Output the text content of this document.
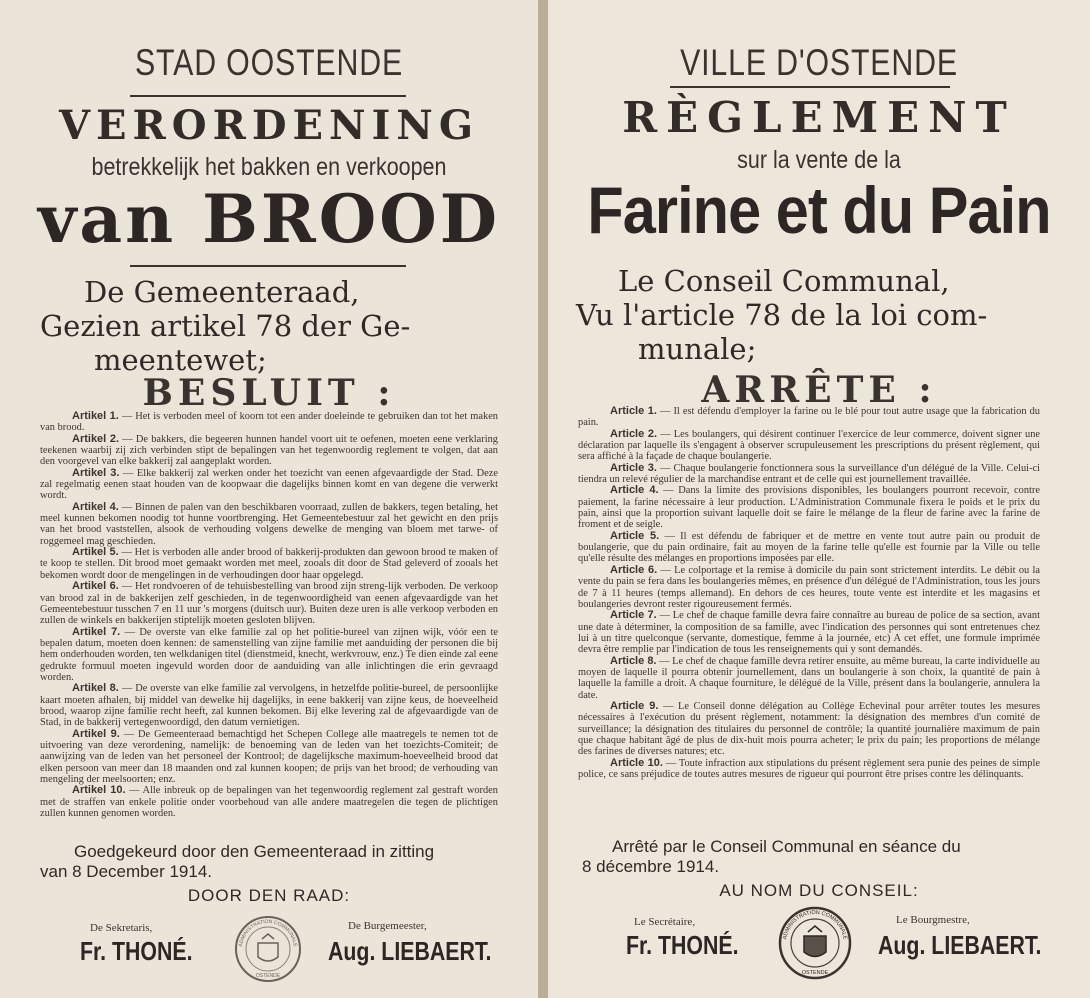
STAD OOSTENDE
VERORDENING
betrekkelijk het bakken en verkoopen
van BROOD
De Gemeenteraad,
Gezien artikel 78 der Ge-
meentewet;
BESLUIT :

Artikel 1. — Het is verboden meel of koorn tot een ander doeleinde te gebruiken dan tot het maken van brood.

Artikel 2. — De bakkers, die begeeren hunnen handel voort uit te oefenen, moeten eene verklaring teekenen waarbij zij zich verbinden stipt de bepalingen van het tegenwoordig reglement te volgen, dat aan den voorgevel van elke bakkerij zal aangeplakt worden.

Artikel 3. — Elke bakkerij zal werken onder het toezicht van eenen afgevaardigde der Stad. Deze zal regelmatig eenen staat houden van de koopwaar die dagelijks binnen komt en van degene die verwerkt wordt.

Artikel 4. — Binnen de palen van den beschikbaren voorraad, zullen de bakkers, tegen betaling, het meel kunnen bekomen noodig tot hunne voortbrenging. Het Gemeentebestuur zal het gewicht en den prijs van het brood vaststellen, alsook de verhouding volgens dewelke de menging van bloem met tarwe- of roggemeel mag geschieden.

Artikel 5. — Het is verboden alle ander brood of bakkerij-produkten dan gewoon brood te maken of te koop te stellen. Dit brood moet gemaakt worden met meel, zooals dit door de Stad geleverd of zooals het bekomen wordt door de mengelingen in de verhoudingen door haar opgelegd.

Artikel 6. — Het rondvoeren of de tehuisbestelling van brood zijn streng-lijk verboden. De verkoop van brood zal in de bakkerijen zelf geschieden, in de tegenwoordigheid van eenen afgevaardigde van het Gemeentebestuur tusschen 7 en 11 uur 's morgens (duitsch uur). Buiten deze uren is alle verkoop verboden en zullen de winkels en bakkerijen stiptelijk moeten gesloten blijven.

Artikel 7. — De overste van elke familie zal op het politie-bureel van zijnen wijk, vóór een te bepalen datum, moeten doen kennen: de samenstelling van zijne familie met aanduiding der personen die bij hem onderhouden worden, ten welkdanigen titel (dienstmeid, knecht, werkvrouw, enz.) Te dien einde zal eene gedrukte formuul moeten ingevuld worden door de aanduiding van alle inlichtingen die erin gevraagd worden.

Artikel 8. — De overste van elke familie zal vervolgens, in hetzelfde politie-bureel, de persoonlijke kaart moeten afhalen, bij middel van dewelke hij dagelijks, in eene bakkerij van zijne keus, de hoeveelheid brood, waarop zijne familie recht heeft, zal kunnen bekomen. Bij elke levering zal de afgevaardigde van de Stad, in de bakkerij vertegenwoordigd, den datum vernietigen.

Artikel 9. — De Gemeenteraad bemachtigd het Schepen College alle maatregels te nemen tot de uitvoering van deze verordening, namelijk: de benoeming van de leden van het toezichts-Comiteit; de aanwijzing van de leden van het personeel der Kontrool; de dagelijksche maximum-hoeveelheid brood dat elken persoon van meer dan 18 maanden ond zal kunnen koopen; de prijs van het brood; de verhouding van mengeling der meelsoorten; enz.

Artikel 10. — Alle inbreuk op de bepalingen van het tegenwoordig reglement zal gestraft worden met de straffen van enkele politie onder voorbehoud van alle andere maatregelen die tegen de plichtigen zullen kunnen genomen worden.

Goedgekeurd door den Gemeenteraad in zitting
van 8 December 1914.
DOOR DEN RAAD:
De Sekretaris,
Fr. THONÉ.
De Burgemeester,
Aug. LIEBAERT.
ADMINISTRATION COMMUNALE
OSTENDE
VILLE D'OSTENDE
RÈGLEMENT
sur la vente de la
Farine et du Pain
Le Conseil Communal,
Vu l'article 78 de la loi com-
munale;
ARRÊTE :

Article 1. — Il est défendu d'employer la farine ou le blé pour tout autre usage que la fabrication du pain.

Article 2. — Les boulangers, qui désirent continuer l'exercice de leur commerce, doivent signer une déclaration par laquelle ils s'engagent à observer scrupuleusement les prescriptions du présent règlement, qui sera affiché à la façade de chaque boulangerie.

Article 3. — Chaque boulangerie fonctionnera sous la surveillance d'un délégué de la Ville. Celui-ci tiendra un relevé régulier de la marchandise entrant et de celle qui est journellement travaillée.

Article 4. — Dans la limite des provisions disponibles, les boulangers pourront recevoir, contre paiement, la farine nécessaire à leur production. L'Administration Communale fixera le poids et le prix du pain, ainsi que la proportion suivant laquelle doit se faire le mélange de la fleur de farine avec la farine de froment et de seigle.

Article 5. — Il est défendu de fabriquer et de mettre en vente tout autre pain ou produit de boulangerie, que du pain ordinaire, fait au moyen de la farine telle qu'elle est fournie par la Ville ou telle qu'elle résulte des mélanges en proportions imposées par elle.

Article 6. — Le colportage et la remise à domicile du pain sont strictement interdits. Le débit ou la vente du pain se fera dans les boulangeries mêmes, en présence d'un délégué de l'Administration, tous les jours de 7 à 11 heures (temps allemand). En dehors de ces heures, toute vente est interdite et les magasins et boulangeries devront rester rigoureusement fermés.

Article 7. — Le chef de chaque famille devra faire connaître au bureau de police de sa section, avant une date à déterminer, la composition de sa famille, avec l'indication des personnes qui sont entretenues chez lui à un titre quelconque (servante, domestique, femme à la journée, etc) A cet effet, une formule imprimée devra être remplie par l'indication de tous les renseignements qui y sont demandés.

Article 8. — Le chef de chaque famille devra retirer ensuite, au même bureau, la carte individuelle au moyen de laquelle il pourra obtenir journellement, dans un boulangerie à son choix, la quantité de pain à laquelle la famille a droit. A chaque fourniture, le délégué de la Ville, présent dans la boulangerie, annulera la date.

Article 9. — Le Conseil donne délégation au Collège Echevinal pour arrêter toutes les mesures nécessaires à l'exécution du présent règlement, notamment: la désignation des membres d'un comité de surveillance; la désignation des titulaires du personnel de contrôle; la quantité journalière maximum de pain que chaque habitant âgé de plus de dix-huit mois pourra acheter; le prix du pain; les proportions de mélange des farines de diverses natures; etc.

Article 10. — Toute infraction aux stipulations du présent règlement sera punie des peines de simple police, ce sans préjudice de toutes autres mesures de rigueur qui pourront être prises contre les délinquants.

Arrêté par le Conseil Communal en séance du
8 décembre 1914.
AU NOM DU CONSEIL:
Le Secrétaire,
Fr. THONÉ.
Le Bourgmestre,
Aug. LIEBAERT.
ADMINISTRATION COMMUNALE
OSTENDE
